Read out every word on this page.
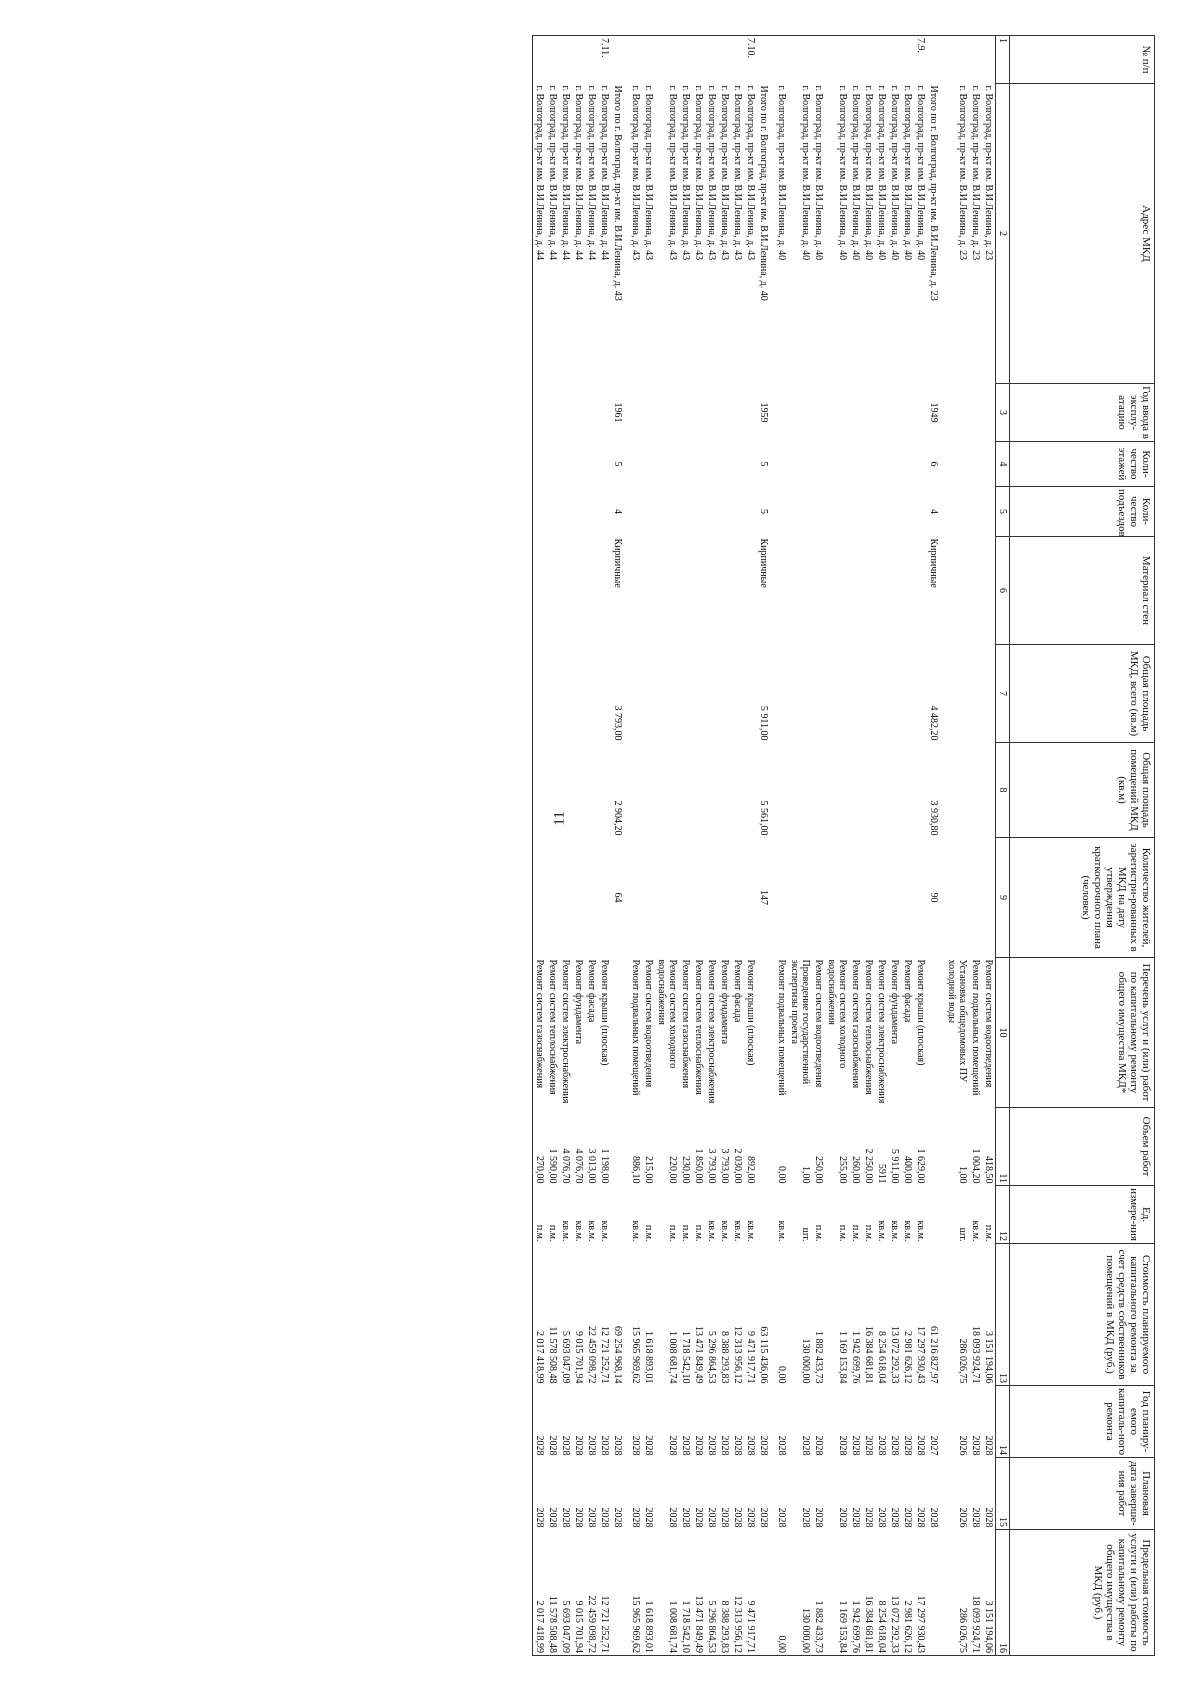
11
№ п/п	Адрес МКД	Год ввода в эксплу-атацию	Коли-чество этажей	Коли-чество подъездов	Материал стен	Общая площадь МКД, всего (кв.м)	Общая площадь помещений МКД (кв.м)	Количество жителей, зарегистри-рованных в МКД на дату утверждения краткосрочного плана (человек)	Перечень услуг и (или) работ по капитальному ремонту общего имущества МКД*	Объем работ	Ед. измере-ния	Стоимость планируемого капитального ремонта за счет средств собственников помещений в МКД (руб.)	Год планиру-емого капиталь-ного ремонта	Плановая дата заверше-ния работ	Предельная стоимость услуги и (или) работы по капитальному ремонту общего имущества в МКД (руб.)
1	2	3	4	5	6	7	8	9	10	11	12	13	14	15	16
	г. Волгоград, пр-кт им. В.И.Ленина, д. 23								Ремонт систем водоотведения	418,50	п.м.	3 151 194,06	2028	2028	3 151 194,06
	г. Волгоград, пр-кт им. В.И.Ленина, д. 23								Ремонт подвальных помещений	1 004,20	кв.м.	18 093 924,71	2028	2028	18 093 924,71
	г. Волгоград, пр-кт им. В.И.Ленина, д. 23								Установка общедомовых ПУ холодной воды	1,00	шт.	286 026,75	2026	2026	286 026,75
	Итого по г. Волгоград, пр-кт им. В.И.Ленина, д. 23	1949	6	4	Кирпичные	4 482,20	3 930,80	90				61 216 827,97	2027	2028	
7.9.	г. Волгоград, пр-кт им. В.И.Ленина, д. 40								Ремонт крыши (плоская)	1 629,00	кв.м.	17 297 930,43	2028	2028	17 297 930,43
	г. Волгоград, пр-кт им. В.И.Ленина, д. 40								Ремонт фасада	400,00	кв.м.	2 981 626,12	2028	2028	2 981 626,12
	г. Волгоград, пр-кт им. В.И.Ленина, д. 40								Ремонт фундамента	5 911,00	кв.м.	13 072 292,33	2028	2028	13 072 292,33
	г. Волгоград, пр-кт им. В.И.Ленина, д. 40								Ремонт систем электроснабжения	5911	кв.м.	8 254 618,04	2028	2028	8 254 618,04
	г. Волгоград, пр-кт им. В.И.Ленина, д. 40								Ремонт систем теплоснабжения	2 250,00	п.м.	16 384 681,81	2028	2028	16 384 681,81
	г. Волгоград, пр-кт им. В.И.Ленина, д. 40								Ремонт систем газоснабжения	260,00	п.м.	1 942 699,76	2028	2028	1 942 699,76
	г. Волгоград, пр-кт им. В.И.Ленина, д. 40								Ремонт систем холодного водоснабжения	255,00	п.м.	1 169 153,84	2028	2028	1 169 153,84
	г. Волгоград, пр-кт им. В.И.Ленина, д. 40								Ремонт систем водоотведения	250,00	п.м.	1 882 433,73	2028	2028	1 882 433,73
	г. Волгоград, пр-кт им. В.И.Ленина, д. 40								Проведение государственной экспертизы проекта	1,00	шт.	130 000,00	2028	2028	130 000,00
	г. Волгоград, пр-кт им. В.И.Ленина, д. 40								Ремонт подвальных помещений	0,00	кв.м.	0,00	2028	2028	0,00
	Итого по г. Волгоград, пр-кт им. В.И.Ленина, д. 40	1959	5	5	Кирпичные	5 911,00	5 561,00	147				63 115 436,06	2028	2028	
7.10.	г. Волгоград, пр-кт им. В.И.Ленина, д. 43								Ремонт крыши (плоская)	892,00	кв.м.	9 471 917,71	2028	2028	9 471 917,71
	г. Волгоград, пр-кт им. В.И.Ленина, д. 43								Ремонт фасада	2 030,00	кв.м.	12 313 956,12	2028	2028	12 313 956,12
	г. Волгоград, пр-кт им. В.И.Ленина, д. 43								Ремонт фундамента	3 793,00	кв.м.	8 388 293,83	2028	2028	8 388 293,83
	г. Волгоград, пр-кт им. В.И.Ленина, д. 43								Ремонт систем электроснабжения	3 793,00	кв.м.	5 296 864,53	2028	2028	5 296 864,53
	г. Волгоград, пр-кт им. В.И.Ленина, д. 43								Ремонт систем теплоснабжения	1 850,00	п.м.	13 471 849,49	2028	2028	13 471 849,49
	г. Волгоград, пр-кт им. В.И.Ленина, д. 43								Ремонт систем газоснабжения	230,00	п.м.	1 718 542,10	2028	2028	1 718 542,10
	г. Волгоград, пр-кт им. В.И.Ленина, д. 43								Ремонт систем холодного водоснабжения	220,00	п.м.	1 008 681,74	2028	2028	1 008 681,74
	г. Волгоград, пр-кт им. В.И.Ленина, д. 43								Ремонт систем водоотведения	215,00	п.м.	1 618 893,01	2028	2028	1 618 893,01
	г. Волгоград, пр-кт им. В.И.Ленина, д. 43								Ремонт подвальных помещений	886,10	кв.м.	15 965 969,62	2028	2028	15 965 969,62
	Итого по г. Волгоград, пр-кт им. В.И.Ленина, д. 43	1961	5	4	Кирпичные	3 793,00	2 904,20	64				69 254 968,14	2028	2028	
7.11.	г. Волгоград, пр-кт им. В.И.Ленина, д. 44								Ремонт крыши (плоская)	1 198,00	кв.м.	12 721 252,71	2028	2028	12 721 252,71
	г. Волгоград, пр-кт им. В.И.Ленина, д. 44								Ремонт фасада	3 013,00	кв.м.	22 459 098,72	2028	2028	22 459 098,72
	г. Волгоград, пр-кт им. В.И.Ленина, д. 44								Ремонт фундамента	4 076,70	кв.м.	9 015 701,94	2028	2028	9 015 701,94
	г. Волгоград, пр-кт им. В.И.Ленина, д. 44								Ремонт систем электроснабжения	4 076,70	кв.м.	5 693 047,09	2028	2028	5 693 047,09
	г. Волгоград, пр-кт им. В.И.Ленина, д. 44								Ремонт систем теплоснабжения	1 590,00	п.м.	11 578 508,48	2028	2028	11 578 508,48
	г. Волгоград, пр-кт им. В.И.Ленина, д. 44								Ремонт систем газоснабжения	270,00	п.м.	2 017 418,99	2028	2028	2 017 418,99
